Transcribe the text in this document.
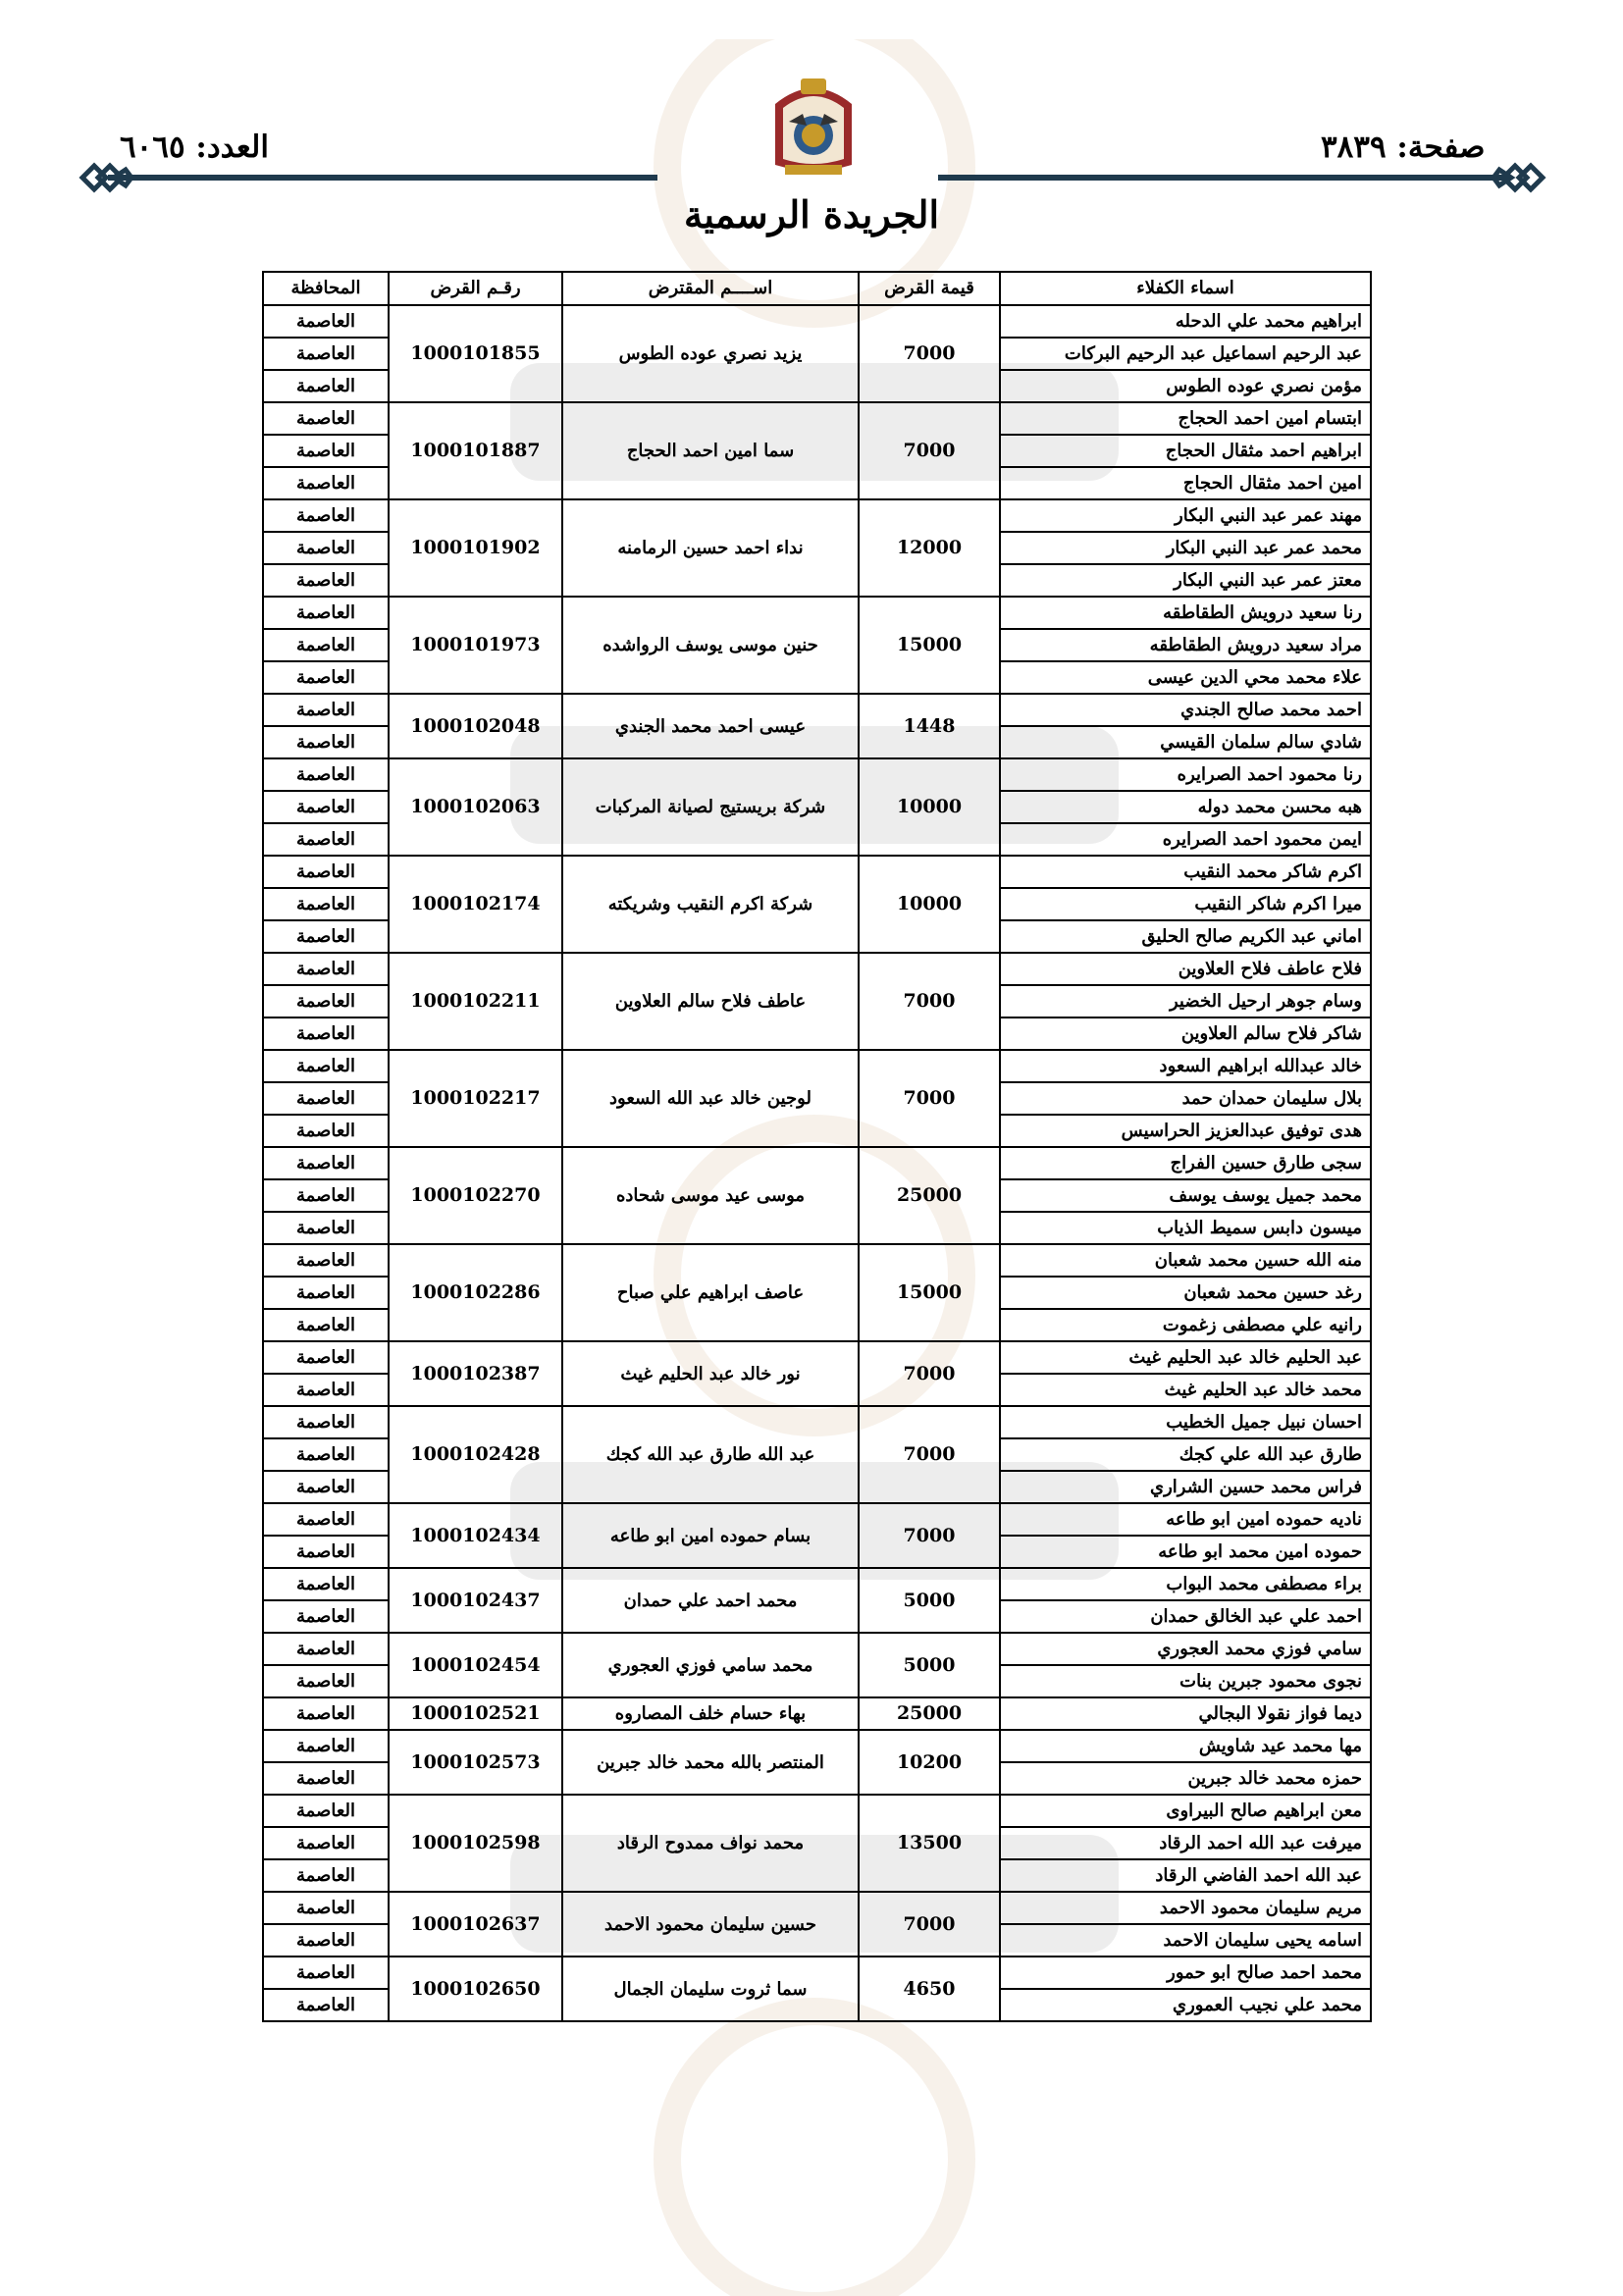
صفحة: ٣٨٣٩
العدد: ٦٠٦٥
الجريدة الرسمية
اسماء الكفلاء	قيمة القرض	اســــم المقترض	رقـم القرض	المحافظة
ابراهيم محمد علي الدحله	7000	يزيد نصري عوده الطوس	1000101855	العاصمة
عبد الرحيم اسماعيل عبد الرحيم البركات				العاصمة
مؤمن نصري عوده الطوس				العاصمة
ابتسام امين احمد الحجاج	7000	سما امين احمد الحجاج	1000101887	العاصمة
ابراهيم احمد مثقال الحجاج				العاصمة
امين احمد مثقال الحجاج				العاصمة
مهند عمر عبد النبي البكار	12000	نداء احمد حسين الرمامنه	1000101902	العاصمة
محمد عمر عبد النبي البكار				العاصمة
معتز عمر عبد النبي البكار				العاصمة
رنا سعيد درويش الطقاطقه	15000	حنين موسى يوسف الرواشده	1000101973	العاصمة
مراد سعيد درويش الطقاطقه				العاصمة
علاء محمد محي الدين عيسى				العاصمة
احمد محمد صالح الجندي	1448	عيسى احمد محمد الجندي	1000102048	العاصمة
شادي سالم سلمان القيسي				العاصمة
رنا محمود احمد الصرايره	10000	شركة بريستيج لصيانة المركبات	1000102063	العاصمة
هبه محسن محمد دوله				العاصمة
ايمن محمود احمد الصرايره				العاصمة
اكرم شاكر محمد النقيب	10000	شركة اكرم النقيب وشريكته	1000102174	العاصمة
ميرا اكرم شاكر النقيب				العاصمة
اماني عبد الكريم صالح الحليق				العاصمة
فلاح عاطف فلاح العلاوين	7000	عاطف فلاح سالم العلاوين	1000102211	العاصمة
وسام جوهر ارحيل الخضير				العاصمة
شاكر فلاح سالم العلاوين				العاصمة
خالد عبدالله ابراهيم السعود	7000	لوجين خالد عبد الله السعود	1000102217	العاصمة
بلال سليمان حمدان حمد				العاصمة
هدى توفيق عبدالعزيز الحراسيس				العاصمة
سجى طارق حسين الفراج	25000	موسى عيد موسى شحاده	1000102270	العاصمة
محمد جميل يوسف يوسف				العاصمة
ميسون دابس سميط الذياب				العاصمة
منه الله حسين محمد شعبان	15000	عاصف ابراهيم علي صباح	1000102286	العاصمة
رغد حسين محمد شعبان				العاصمة
رانيه علي مصطفى زغموت				العاصمة
عبد الحليم خالد عبد الحليم غيث	7000	نور خالد عبد الحليم غيث	1000102387	العاصمة
محمد خالد عبد الحليم غيث				العاصمة
احسان نبيل جميل الخطيب	7000	عبد الله طارق عبد الله كجك	1000102428	العاصمة
طارق عبد الله علي كجك				العاصمة
فراس محمد حسين الشراري				العاصمة
ناديه حموده امين ابو طاعه	7000	بسام حموده امين ابو طاعه	1000102434	العاصمة
حموده امين محمد ابو طاعه				العاصمة
براء مصطفى محمد البواب	5000	محمد احمد علي حمدان	1000102437	العاصمة
احمد علي عبد الخالق حمدان				العاصمة
سامي فوزي محمد العجوري	5000	محمد سامي فوزي العجوري	1000102454	العاصمة
نجوى محمود جبرين بنات				العاصمة
ديما فواز نقولا البجالي	25000	بهاء حسام خلف المصاروه	1000102521	العاصمة
مها محمد عيد شاويش	10200	المنتصر بالله محمد خالد جبرين	1000102573	العاصمة
حمزه محمد خالد جبرين				العاصمة
معن ابراهيم صالح البيراوى	13500	محمد نواف ممدوح الرقاد	1000102598	العاصمة
ميرفت عبد الله احمد الرقاد				العاصمة
عبد الله احمد الفاضي الرقاد				العاصمة
مريم سليمان محمود الاحمد	7000	حسين سليمان محمود الاحمد	1000102637	العاصمة
اسامه يحيى سليمان الاحمد				العاصمة
محمد احمد صالح ابو حمور	4650	سما ثروت سليمان الجمال	1000102650	العاصمة
محمد علي نجيب العموري				العاصمة
